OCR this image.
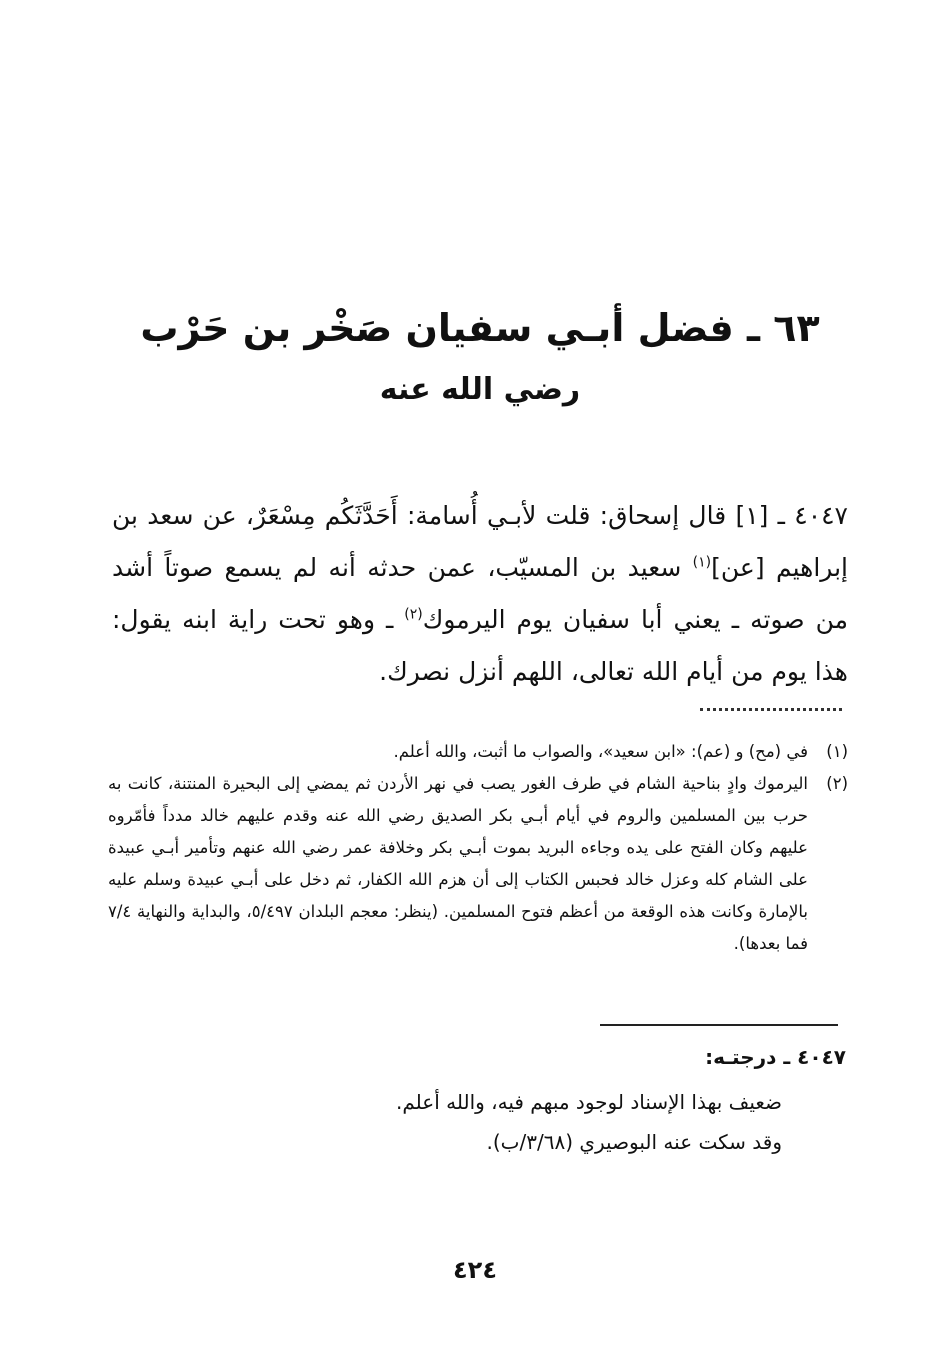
٦٣ ـ فضل أبـي سفيان صَخْر بن حَرْب
رضي الله عنه
٤٠٤٧ ـ [١] قال إسحاق: قلت لأبـي أُسامة: أَحَدَّثَكُم مِسْعَرٌ، عن سعد بن إبراهيم [عن]$^{(١)}$ سعيد بن المسيّب، عمن حدثه أنه لم يسمع صوتاً أشد من صوته ـ يعني أبا سفيان يوم اليرموك$^{(٢)}$ ـ وهو تحت راية ابنه يقول: هذا يوم من أيام الله تعالى، اللهم أنزل نصرك.
(١)
في (مح) و (عم): «ابن سعيد»، والصواب ما أثبت، والله أعلم.
(٢)
اليرموك وادٍ بناحية الشام في طرف الغور يصب في نهر الأردن ثم يمضي إلى البحيرة المنتنة، كانت به حرب بين المسلمين والروم في أيام أبـي بكر الصديق رضي الله عنه وقدم عليهم خالد مدداً فأمّروه عليهم وكان الفتح على يده وجاءه البريد بموت أبـي بكر وخلافة عمر رضي الله عنهم وتأمير أبـي عبيدة على الشام كله وعزل خالد فحبس الكتاب إلى أن هزم الله الكفار، ثم دخل على أبـي عبيدة وسلم عليه بالإمارة وكانت هذه الوقعة من أعظم فتوح المسلمين. (ينظر: معجم البلدان ٥/٤٩٧، والبداية والنهاية ٧/٤ فما بعدها).
٤٠٤٧ ـ درجتـه:
ضعيف بهذا الإسناد لوجود مبهم فيه، والله أعلم.
وقد سكت عنه البوصيري (٣/٦٨/ب).
٤٢٤
